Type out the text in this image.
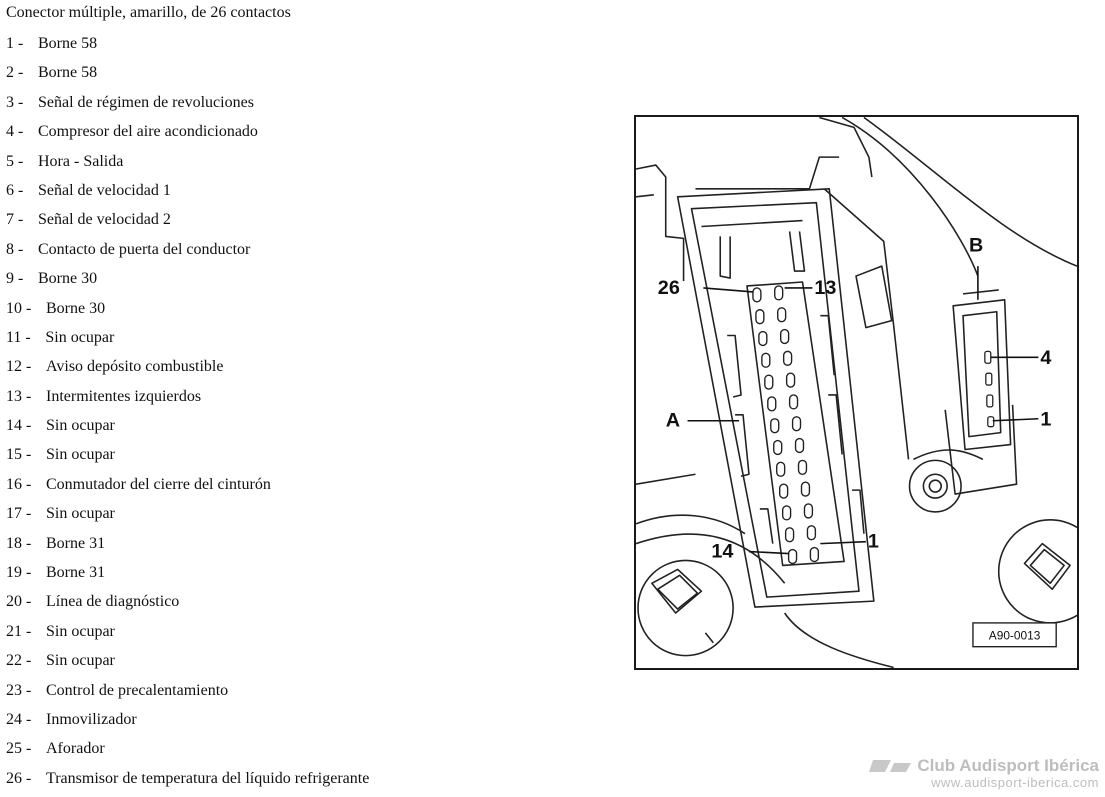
Conector múltiple, amarillo, de 26 contactos
1 - Borne 58
2 - Borne 58
3 - Señal de régimen de revoluciones
4 - Compresor del aire acondicionado
5 - Hora - Salida
6 - Señal de velocidad 1
7 - Señal de velocidad 2
8 - Contacto de puerta del conductor
9 - Borne 30
10 - Borne 30
11 - Sin ocupar
12 - Aviso depósito combustible
13 - Intermitentes izquierdos
14 - Sin ocupar
15 - Sin ocupar
16 - Conmutador del cierre del cinturón
17 - Sin ocupar
18 - Borne 31
19 - Borne 31
20 - Línea de diagnóstico
21 - Sin ocupar
22 - Sin ocupar
23 - Control de precalentamiento
24 - Inmovilizador
25 - Aforador
26 - Transmisor de temperatura del líquido refrigerante
26	13
14	1
A
B
4
1
A90-0013
Club Audisport Ibérica
www.audisport-iberica.com
